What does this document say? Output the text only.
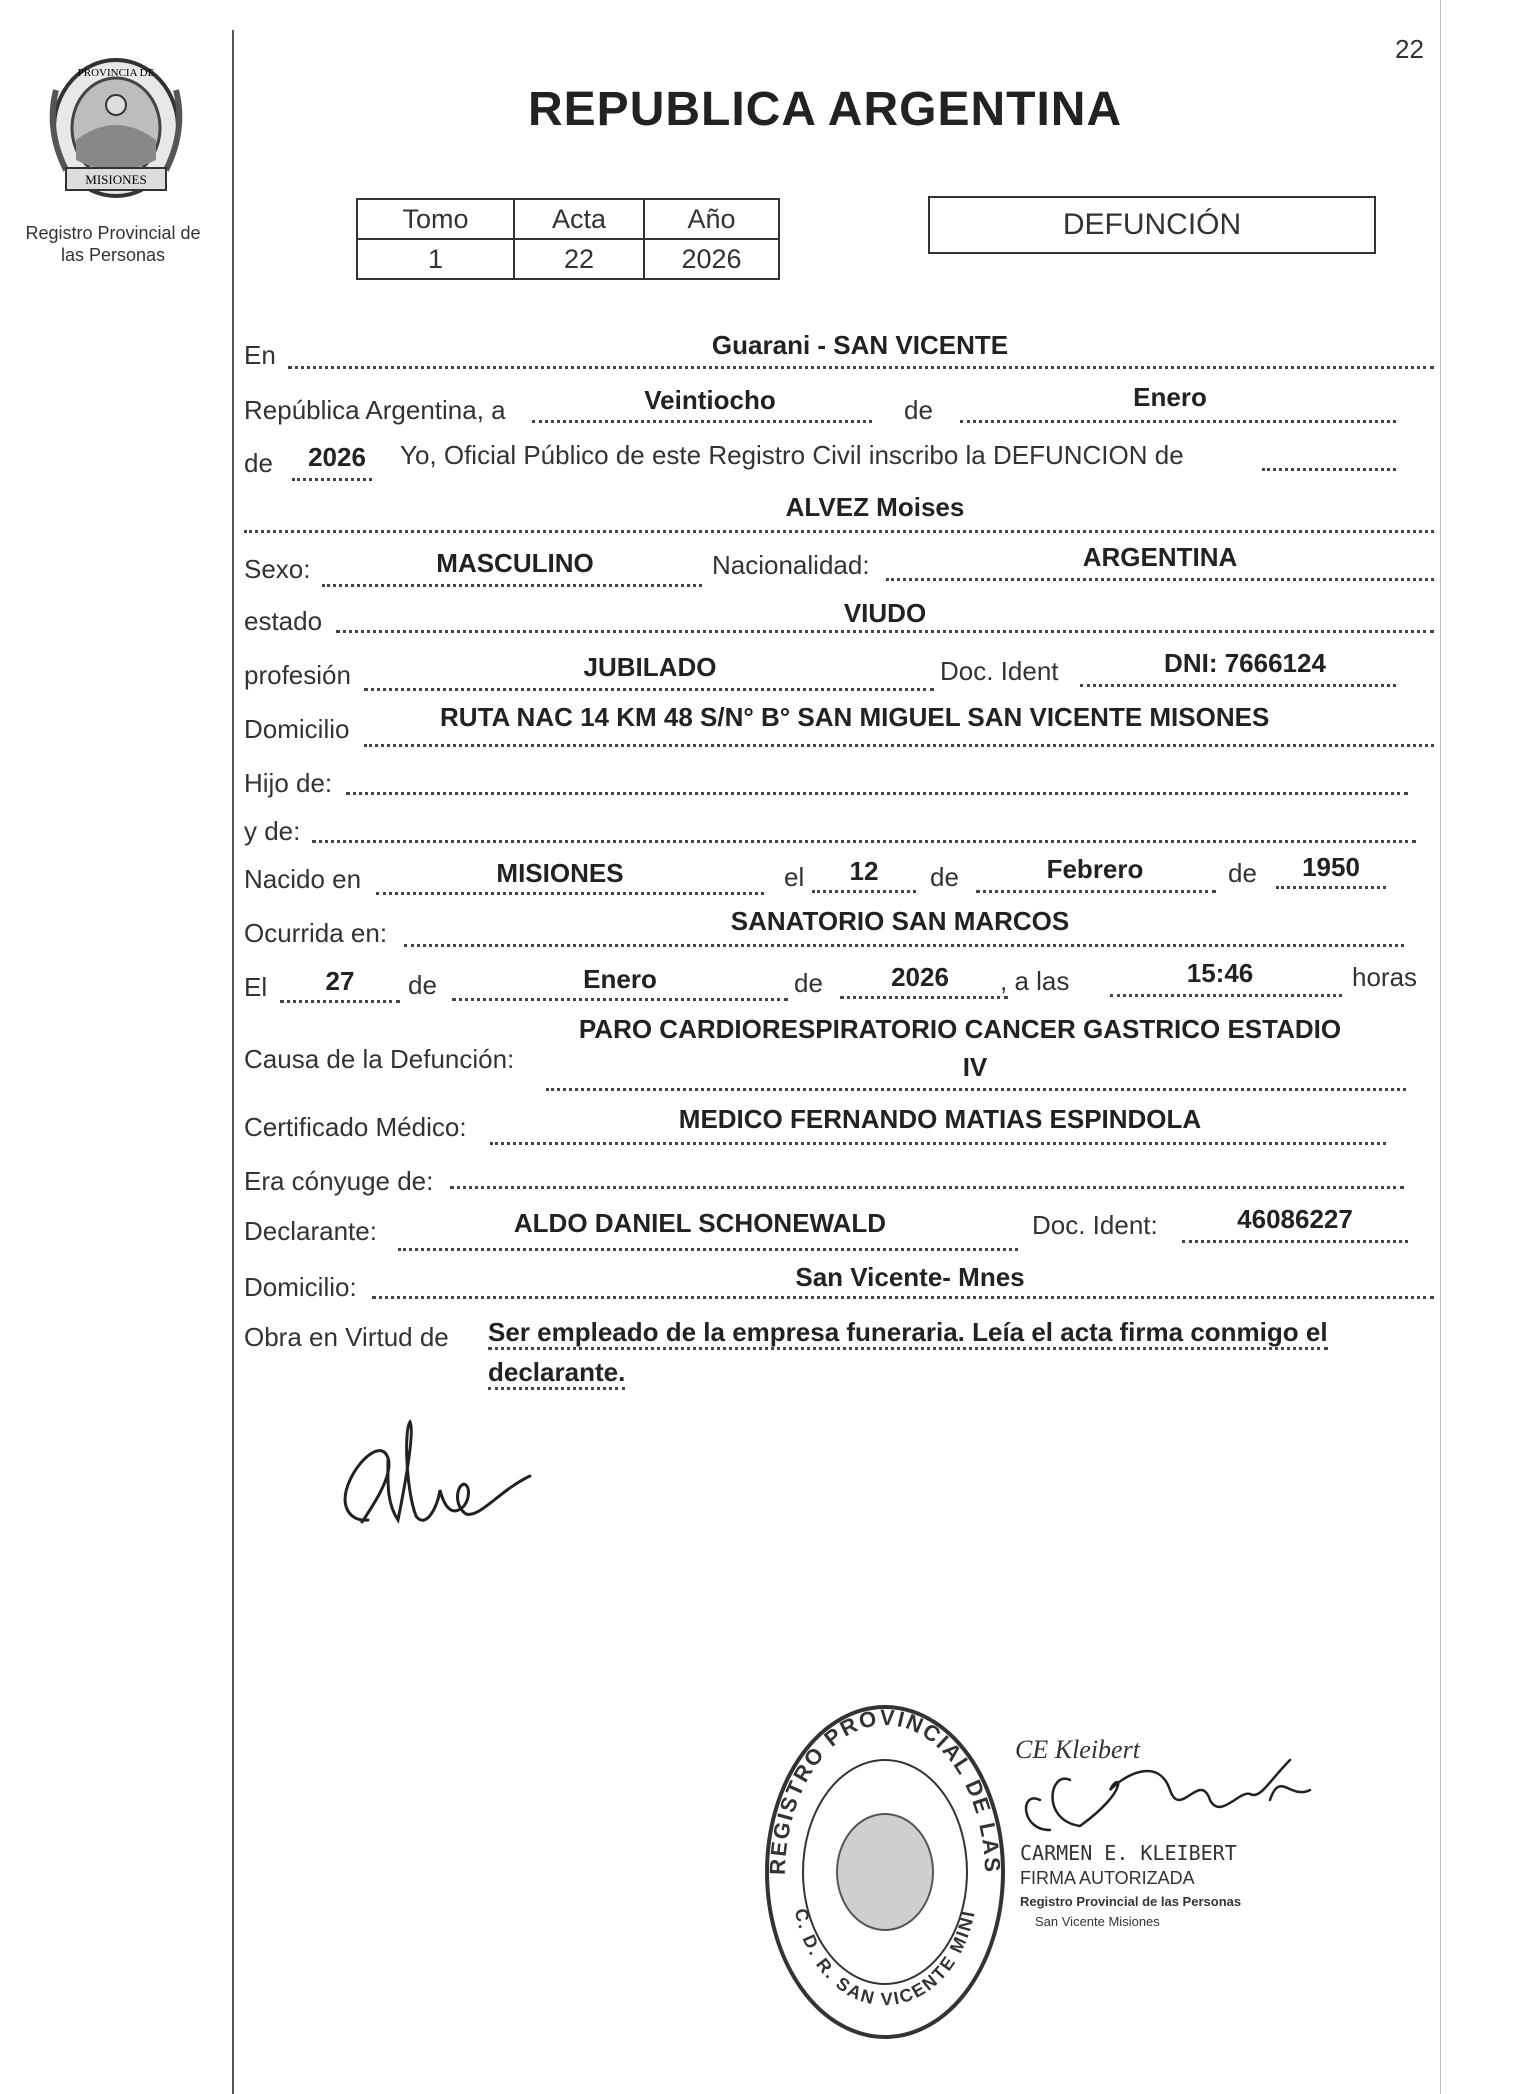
MISIONES
PROVINCIA DE
Registro Provincial de
las Personas
22
REPUBLICA ARGENTINA
Tomo	Acta	Año
1	22	2026
DEFUNCIÓN
En	Guarani - SAN VICENTE
República Argentina, a	Veintiocho	de	Enero
de	2026	Yo, Oficial Público de este Registro Civil inscribo la DEFUNCION de
ALVEZ Moises
Sexo:	MASCULINO	Nacionalidad:	ARGENTINA
estado	VIUDO
profesión	JUBILADO	Doc. Ident	DNI: 7666124
Domicilio	RUTA NAC 14 KM 48 S/N° B° SAN MIGUEL SAN VICENTE MISONES
Hijo de:
y de:
Nacido en	MISIONES	el	12	de	Febrero	de	1950
Ocurrida en:	SANATORIO SAN MARCOS
El	27	de	Enero	de	2026	, a las	15:46	horas
Causa de la Defunción:
PARO CARDIORESPIRATORIO CANCER GASTRICO ESTADIO
IV
Certificado Médico:	MEDICO FERNANDO MATIAS ESPINDOLA
Era cónyuge de:
Declarante:	ALDO DANIEL SCHONEWALD	Doc. Ident:	46086227
Domicilio:	San Vicente- Mnes
Obra en Virtud de Ser empleado de la empresa funeraria. Leía el acta firma conmigo el declarante.
REGISTRO PROVINCIAL DE LAS
C. D. R. SAN VICENTE MINI
CE Kleibert
CARMEN E. KLEIBERT
FIRMA AUTORIZADA
Registro Provincial de las Personas
San Vicente Misiones
